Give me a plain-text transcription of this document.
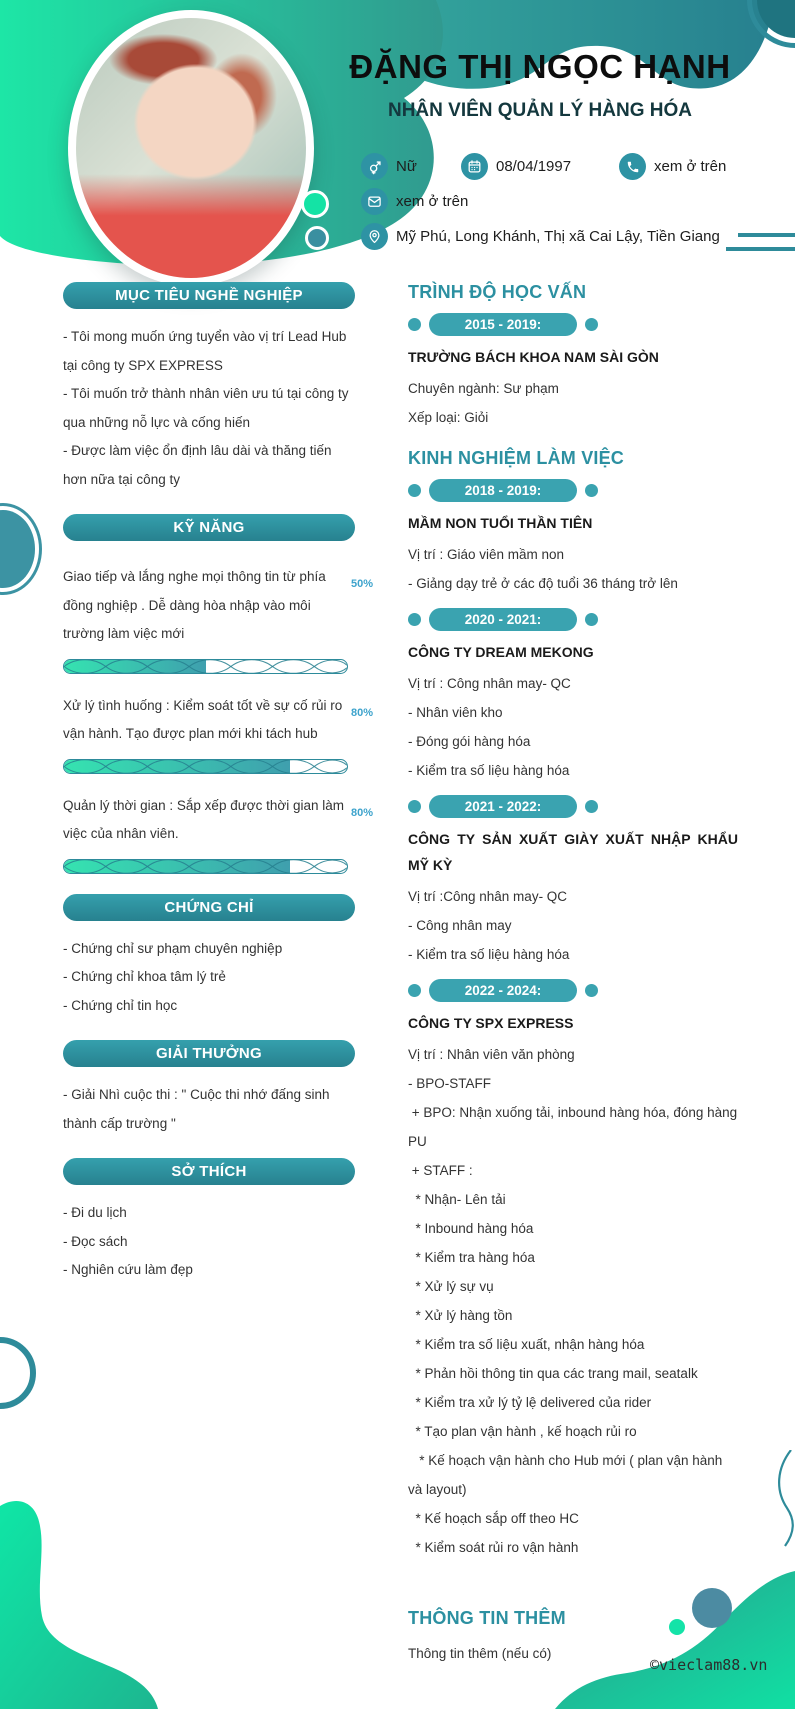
ĐẶNG THỊ NGỌC HẠNH
NHÂN VIÊN QUẢN LÝ HÀNG HÓA
Nữ	08/04/1997	xem ở trên
xem ở trên
Mỹ Phú, Long Khánh, Thị xã Cai Lậy, Tiền Giang
MỤC TIÊU NGHỀ NGHIỆP

- Tôi mong muốn ứng tuyển vào vị trí Lead Hub tại công ty SPX EXPRESS

- Tôi muốn trở thành nhân viên ưu tú tại công ty qua những nỗ lực và cống hiến

- Được làm việc ổn định lâu dài và thăng tiến hơn nữa tại công ty

KỸ NĂNG

Giao tiếp và lắng nghe mọi thông tin từ phía đồng nghiệp . Dễ dàng hòa nhập vào môi trường làm việc mới

50%

Xử lý tình huống : Kiểm soát tốt về sự cố rủi ro vận hành. Tạo được plan mới khi tách hub

80%

Quản lý thời gian : Sắp xếp được thời gian làm việc của nhân viên.

80%
CHỨNG CHỈ

- Chứng chỉ sư phạm chuyên nghiệp

- Chứng chỉ khoa tâm lý trẻ

- Chứng chỉ tin học

GIẢI THƯỞNG

- Giải Nhì cuộc thi : " Cuộc thi nhớ đấng sinh thành cấp trường "

SỞ THÍCH

- Đi du lịch

- Đọc sách

- Nghiên cứu làm đẹp

TRÌNH ĐỘ HỌC VẤN
2015 - 2019:

TRƯỜNG BÁCH KHOA NAM SÀI GÒN

Chuyên ngành: Sư phạm

Xếp loại: Giỏi

KINH NGHIỆM LÀM VIỆC
2018 - 2019:

MẦM NON TUỔI THẦN TIÊN

Vị trí : Giáo viên mầm non

- Giảng dạy trẻ ở các độ tuổi 36 tháng trở lên

2020 - 2021:

CÔNG TY DREAM MEKONG

Vị trí : Công nhân may- QC

- Nhân viên kho

- Đóng gói hàng hóa

- Kiểm tra số liệu hàng hóa

2021 - 2022:

CÔNG TY SẢN XUẤT GIÀY XUẤT NHẬP KHẨU MỸ KỲ

Vị trí :Công nhân may- QC

- Công nhân may

- Kiểm tra số liệu hàng hóa

2022 - 2024:

CÔNG TY SPX EXPRESS

Vị trí : Nhân viên văn phòng

- BPO-STAFF

+ BPO: Nhận xuống tải, inbound hàng hóa, đóng hàng PU

+ STAFF :

* Nhận- Lên tải

* Inbound hàng hóa

* Kiểm tra hàng hóa

* Xử lý sự vụ

* Xử lý hàng tồn

* Kiểm tra số liệu xuất, nhận hàng hóa

* Phản hồi thông tin qua các trang mail, seatalk

* Kiểm tra xử lý tỷ lệ delivered của rider

* Tạo plan vận hành , kế hoạch rủi ro

* Kế hoạch vận hành cho Hub mới ( plan vận hành và layout)

* Kế hoạch sắp off theo HC

* Kiểm soát rủi ro vận hành

THÔNG TIN THÊM

Thông tin thêm (nếu có)

©vieclam88.vn
